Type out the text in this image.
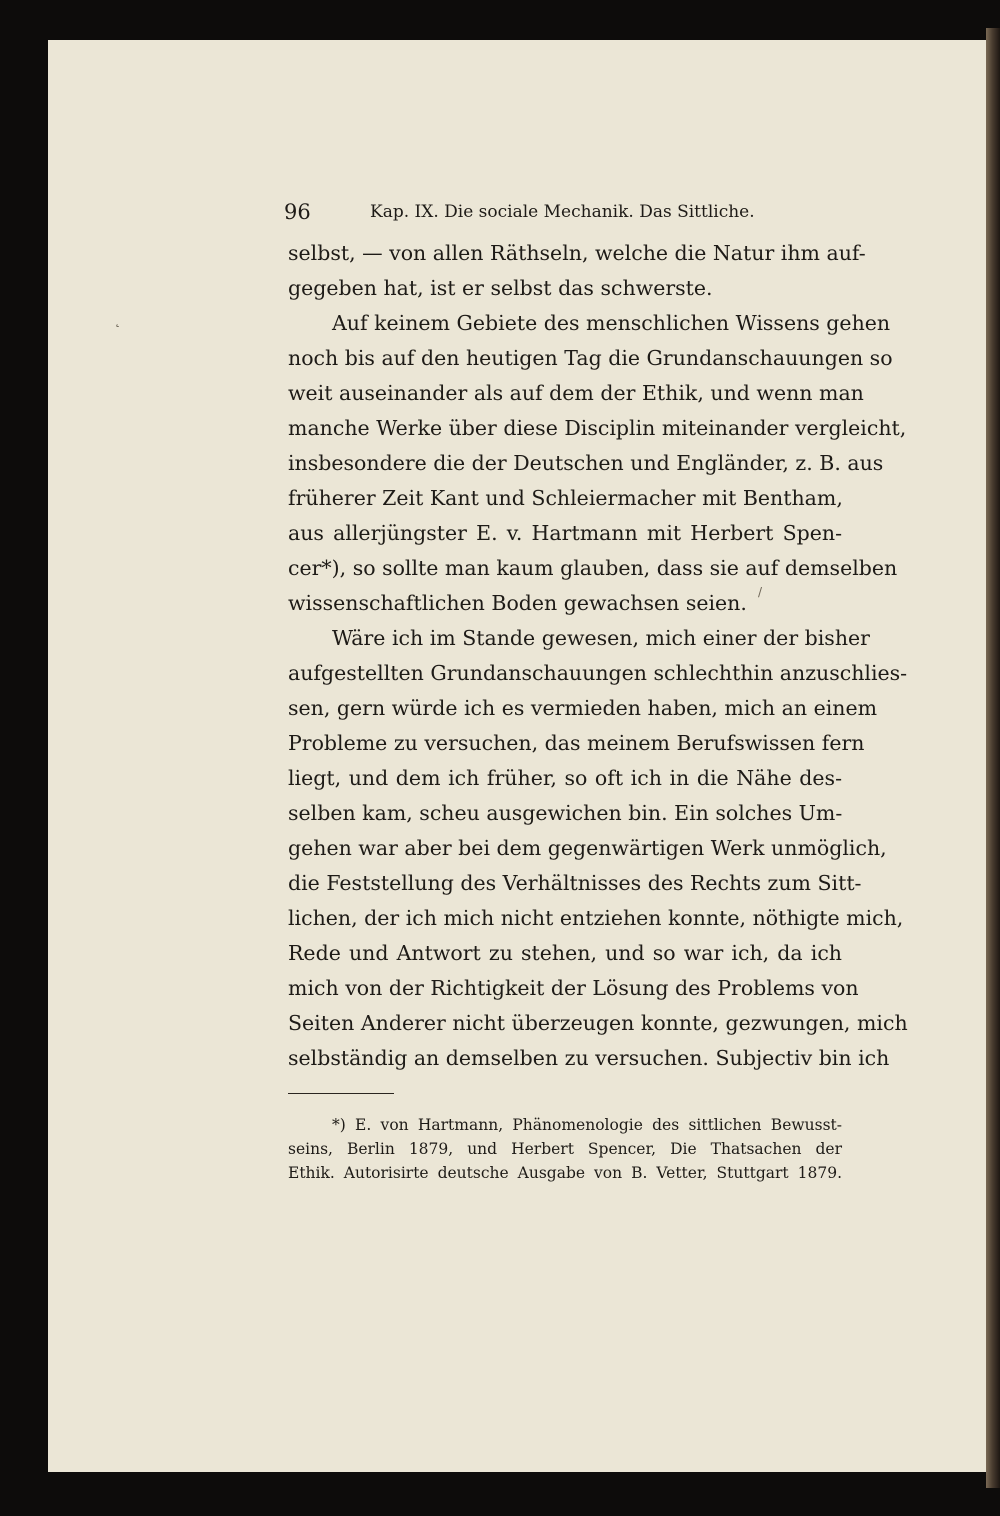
96	Kap. IX. Die sociale Mechanik. Das Sittliche.
selbst, — von allen Räthseln, welche die Natur ihm auf-
gegeben hat, ist er selbst das schwerste.
Auf keinem Gebiete des menschlichen Wissens gehen
noch bis auf den heutigen Tag die Grundanschauungen so
weit auseinander als auf dem der Ethik, und wenn man
manche Werke über diese Disciplin miteinander vergleicht,
insbesondere die der Deutschen und Engländer, z. B. aus
früherer Zeit Kant und Schleiermacher mit Bentham,
aus allerjüngster E. v. Hartmann mit Herbert Spen-
cer*), so sollte man kaum glauben, dass sie auf demselben
wissenschaftlichen Boden gewachsen seien.
Wäre ich im Stande gewesen, mich einer der bisher
aufgestellten Grundanschauungen schlechthin anzuschlies-
sen, gern würde ich es vermieden haben, mich an einem
Probleme zu versuchen, das meinem Berufswissen fern
liegt, und dem ich früher, so oft ich in die Nähe des-
selben kam, scheu ausgewichen bin. Ein solches Um-
gehen war aber bei dem gegenwärtigen Werk unmöglich,
die Feststellung des Verhältnisses des Rechts zum Sitt-
lichen, der ich mich nicht entziehen konnte, nöthigte mich,
Rede und Antwort zu stehen, und so war ich, da ich
mich von der Richtigkeit der Lösung des Problems von
Seiten Anderer nicht überzeugen konnte, gezwungen, mich
selbständig an demselben zu versuchen. Subjectiv bin ich
*) E. von Hartmann, Phänomenologie des sittlichen Bewusst-
seins, Berlin 1879, und Herbert Spencer, Die Thatsachen der
Ethik. Autorisirte deutsche Ausgabe von B. Vetter, Stuttgart 1879.
˛
/
